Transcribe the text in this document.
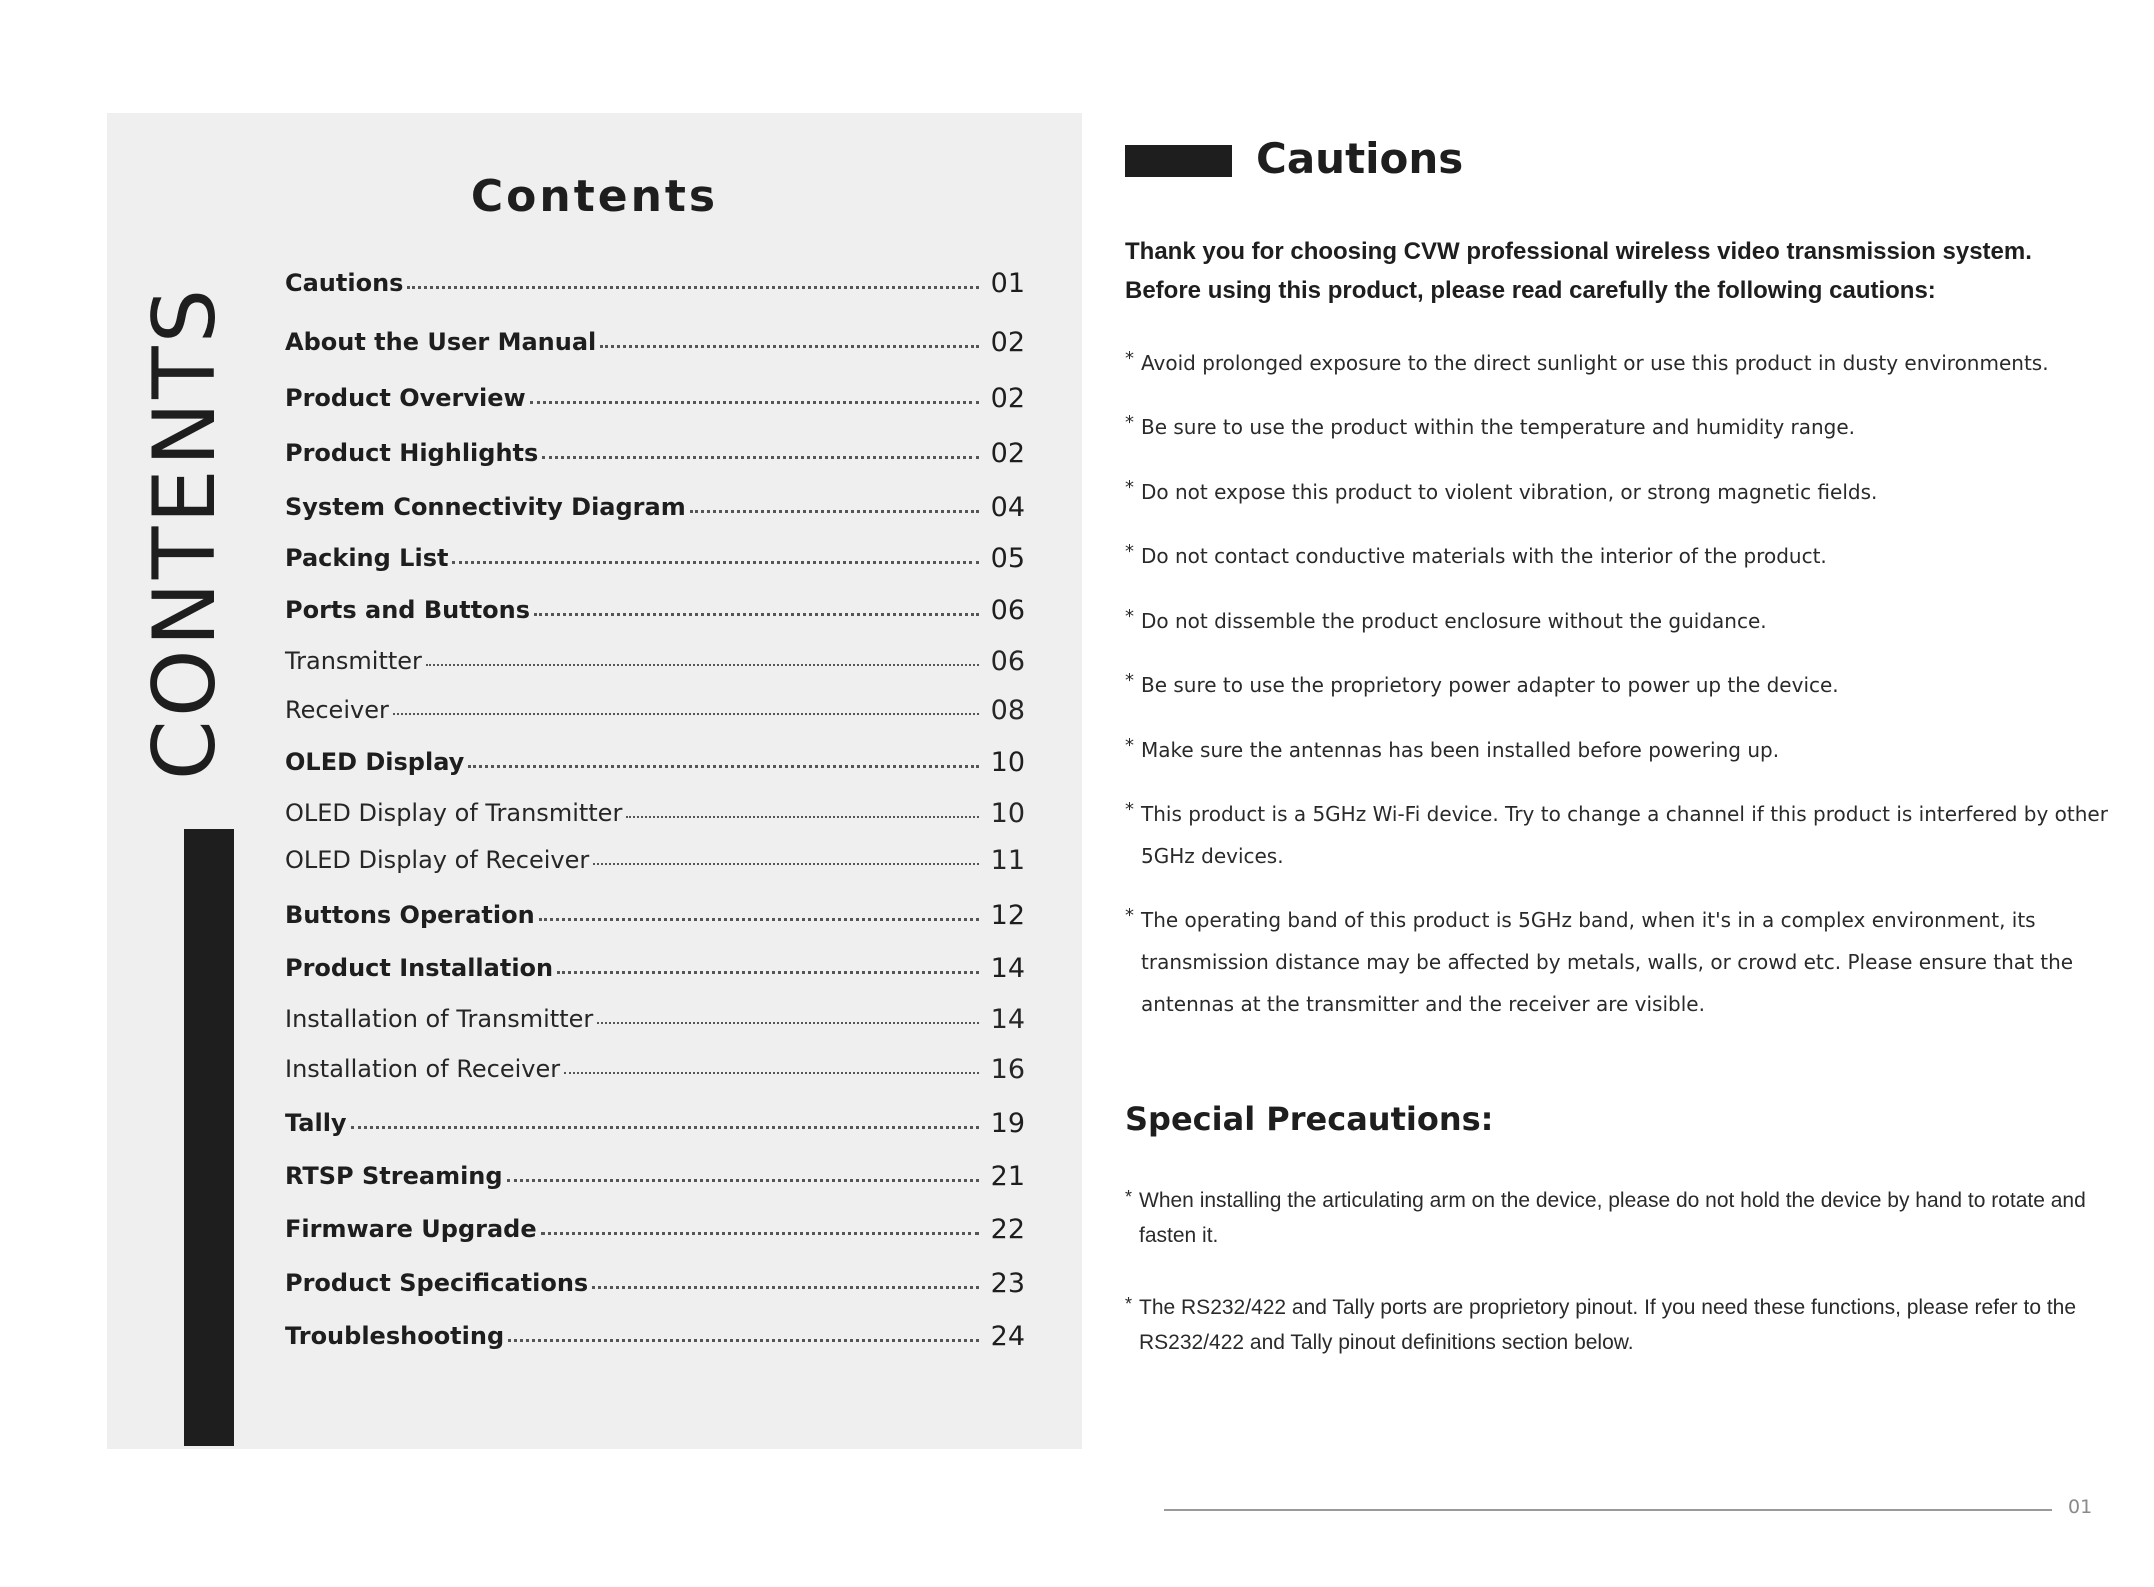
Contents
CONTENTS
Cautions	01
About the User Manual	02
Product Overview	02
Product Highlights	02
System Connectivity Diagram	04
Packing List	05
Ports and Buttons	06
Transmitter	06
Receiver	08
OLED Display	10
OLED Display of Transmitter	10
OLED Display of Receiver	11
Buttons Operation	12
Product Installation	14
Installation of Transmitter	14
Installation of Receiver	16
Tally	19
RTSP Streaming	21
Firmware Upgrade	22
Product Specifications	23
Troubleshooting	24
Cautions
Thank you for choosing CVW professional wireless video transmission system.
Before using this product, please read carefully the following cautions:
* Avoid prolonged exposure to the direct sunlight or use this product in dusty environments.
* Be sure to use the product within the temperature and humidity range.
* Do not expose this product to violent vibration, or strong magnetic fields.
* Do not contact conductive materials with the interior of the product.
* Do not dissemble the product enclosure without the guidance.
* Be sure to use the proprietory power adapter to power up the device.
* Make sure the antennas has been installed before powering up.
* This product is a 5GHz Wi-Fi device. Try to change a channel if this product is interfered by other 5GHz devices.
* The operating band of this product is 5GHz band, when it's in a complex environment, its transmission distance may be affected by metals, walls, or crowd etc. Please ensure that the antennas at the transmitter and the receiver are visible.
Special Precautions:
* When installing the articulating arm on the device, please do not hold the device by hand to rotate and fasten it.
* The RS232/422 and Tally ports are proprietory pinout. If you need these functions, please refer to the RS232/422 and Tally pinout definitions section below.
01
